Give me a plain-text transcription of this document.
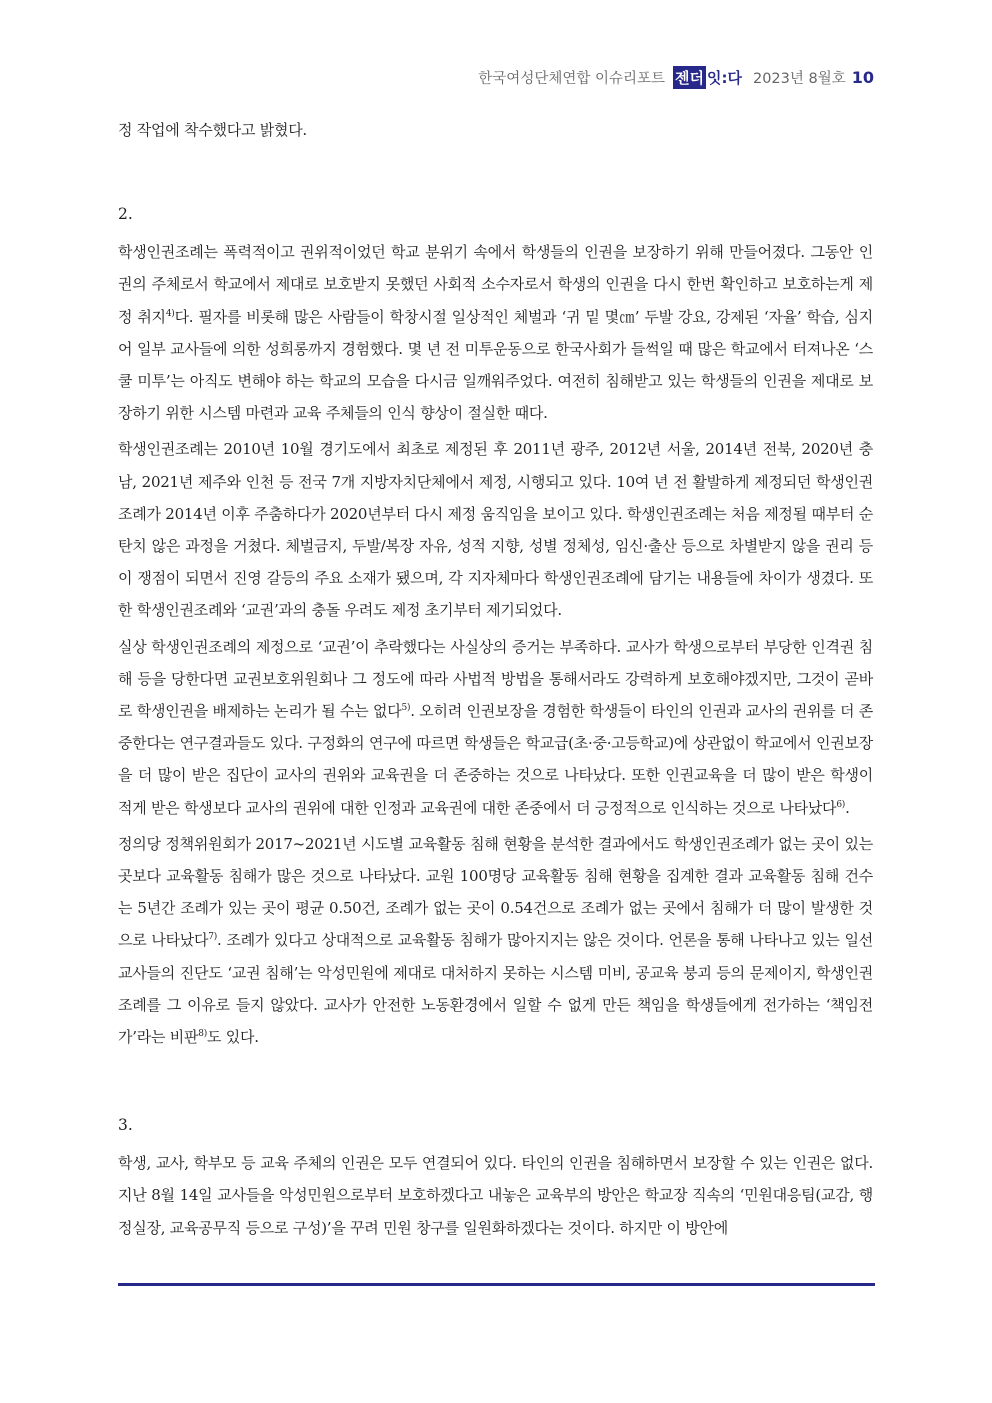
한국여성단체연합 이슈리포트 젠더 잇:다 2023년 8월호 10

정 작업에 착수했다고 밝혔다.

2.

학생인권조례는 폭력적이고 권위적이었던 학교 분위기 속에서 학생들의 인권을 보장하기 위해 만들어졌다. 그동안 인권의 주체로서 학교에서 제대로 보호받지 못했던 사회적 소수자로서 학생의 인권을 다시 한번 확인하고 보호하는게 제정 취지$^{4)}$다. 필자를 비롯해 많은 사람들이 학창시절 일상적인 체벌과 ‘귀 밑 몇㎝’ 두발 강요, 강제된 ‘자율’ 학습, 심지어 일부 교사들에 의한 성희롱까지 경험했다. 몇 년 전 미투운동으로 한국사회가 들썩일 때 많은 학교에서 터져나온 ‘스쿨 미투’는 아직도 변해야 하는 학교의 모습을 다시금 일깨워주었다. 여전히 침해받고 있는 학생들의 인권을 제대로 보장하기 위한 시스템 마련과 교육 주체들의 인식 향상이 절실한 때다.

학생인권조례는 2010년 10월 경기도에서 최초로 제정된 후 2011년 광주, 2012년 서울, 2014년 전북, 2020년 충남, 2021년 제주와 인천 등 전국 7개 지방자치단체에서 제정, 시행되고 있다. 10여 년 전 활발하게 제정되던 학생인권조례가 2014년 이후 주춤하다가 2020년부터 다시 제정 움직임을 보이고 있다. 학생인권조례는 처음 제정될 때부터 순탄치 않은 과정을 거쳤다. 체벌금지, 두발/복장 자유, 성적 지향, 성별 정체성, 임신·출산 등으로 차별받지 않을 권리 등이 쟁점이 되면서 진영 갈등의 주요 소재가 됐으며, 각 지자체마다 학생인권조례에 담기는 내용들에 차이가 생겼다. 또한 학생인권조례와 ‘교권’과의 충돌 우려도 제정 초기부터 제기되었다.

실상 학생인권조례의 제정으로 ‘교권’이 추락했다는 사실상의 증거는 부족하다. 교사가 학생으로부터 부당한 인격권 침해 등을 당한다면 교권보호위원회나 그 정도에 따라 사법적 방법을 통해서라도 강력하게 보호해야겠지만, 그것이 곧바로 학생인권을 배제하는 논리가 될 수는 없다$^{5)}$. 오히려 인권보장을 경험한 학생들이 타인의 인권과 교사의 권위를 더 존중한다는 연구결과들도 있다. 구정화의 연구에 따르면 학생들은 학교급(초·중·고등학교)에 상관없이 학교에서 인권보장을 더 많이 받은 집단이 교사의 권위와 교육권을 더 존중하는 것으로 나타났다. 또한 인권교육을 더 많이 받은 학생이 적게 받은 학생보다 교사의 권위에 대한 인정과 교육권에 대한 존중에서 더 긍정적으로 인식하는 것으로 나타났다$^{6)}$.

정의당 정책위원회가 2017~2021년 시도별 교육활동 침해 현황을 분석한 결과에서도 학생인권조례가 없는 곳이 있는 곳보다 교육활동 침해가 많은 것으로 나타났다. 교원 100명당 교육활동 침해 현황을 집계한 결과 교육활동 침해 건수는 5년간 조례가 있는 곳이 평균 0.50건, 조례가 없는 곳이 0.54건으로 조례가 없는 곳에서 침해가 더 많이 발생한 것으로 나타났다$^{7)}$. 조례가 있다고 상대적으로 교육활동 침해가 많아지지는 않은 것이다. 언론을 통해 나타나고 있는 일선 교사들의 진단도 ‘교권 침해’는 악성민원에 제대로 대처하지 못하는 시스템 미비, 공교육 붕괴 등의 문제이지, 학생인권조례를 그 이유로 들지 않았다. 교사가 안전한 노동환경에서 일할 수 없게 만든 책임을 학생들에게 전가하는 ‘책임전가’라는 비판$^{8)}$도 있다.

3.

학생, 교사, 학부모 등 교육 주체의 인권은 모두 연결되어 있다. 타인의 인권을 침해하면서 보장할 수 있는 인권은 없다. 지난 8월 14일 교사들을 악성민원으로부터 보호하겠다고 내놓은 교육부의 방안은 학교장 직속의 ‘민원대응팀(교감, 행정실장, 교육공무직 등으로 구성)’을 꾸려 민원 창구를 일원화하겠다는 것이다. 하지만 이 방안에
